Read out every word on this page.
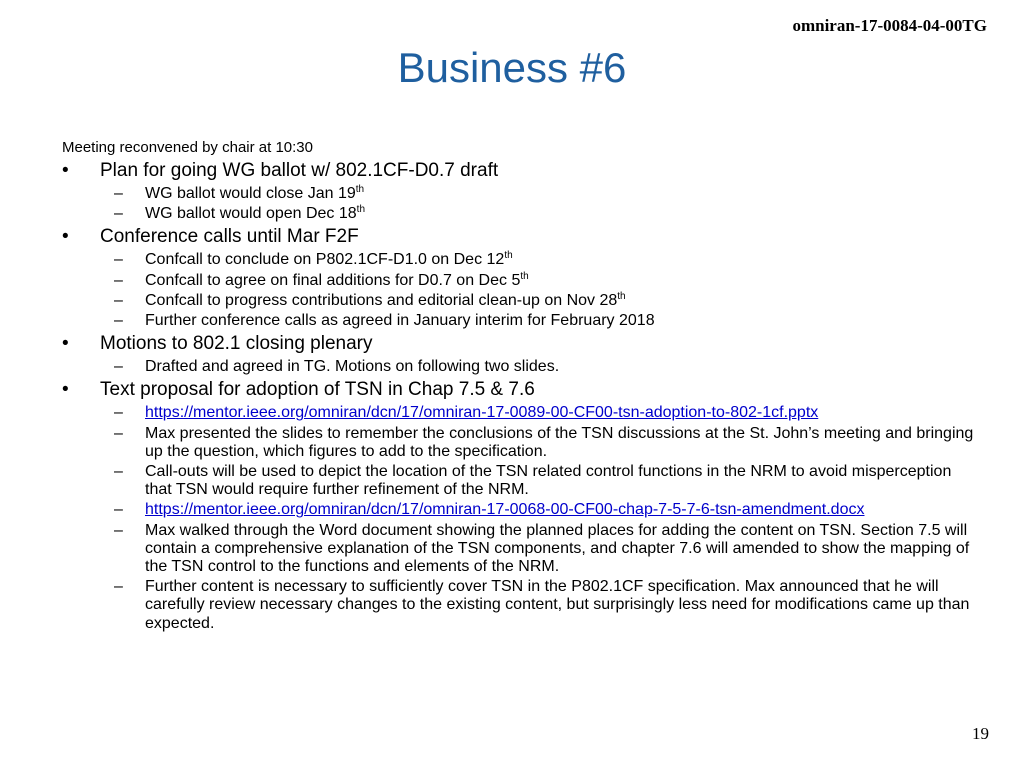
omniran-17-0084-04-00TG
Business #6

Meeting reconvened by chair at 10:30

• Plan for going WG ballot w/ 802.1CF-D0.7 draft

– WG ballot would close Jan 19th

– WG ballot would open Dec 18th

• Conference calls until Mar F2F

– Confcall to conclude on P802.1CF-D1.0 on Dec 12th

– Confcall to agree on final additions for D0.7 on Dec 5th

– Confcall to progress contributions and editorial clean-up on Nov 28th

– Further conference calls as agreed in January interim for February 2018

• Motions to 802.1 closing plenary

– Drafted and agreed in TG. Motions on following two slides.

• Text proposal for adoption of TSN in Chap 7.5 & 7.6

– https://mentor.ieee.org/omniran/dcn/17/omniran-17-0089-00-CF00-tsn-adoption-to-802-1cf.pptx

– Max presented the slides to remember the conclusions of the TSN discussions at the St. John’s meeting and bringing up the question, which figures to add to the specification.

– Call-outs will be used to depict the location of the TSN related control functions in the NRM to avoid misperception that TSN would require further refinement of the NRM.

– https://mentor.ieee.org/omniran/dcn/17/omniran-17-0068-00-CF00-chap-7-5-7-6-tsn-amendment.docx

– Max walked through the Word document showing the planned places for adding the content on TSN. Section 7.5 will contain a comprehensive explanation of the TSN components, and chapter 7.6 will amended to show the mapping of the TSN control to the functions and elements of the NRM.

– Further content is necessary to sufficiently cover TSN in the P802.1CF specification. Max announced that he will carefully review necessary changes to the existing content, but surprisingly less need for modifications came up than expected.

19
